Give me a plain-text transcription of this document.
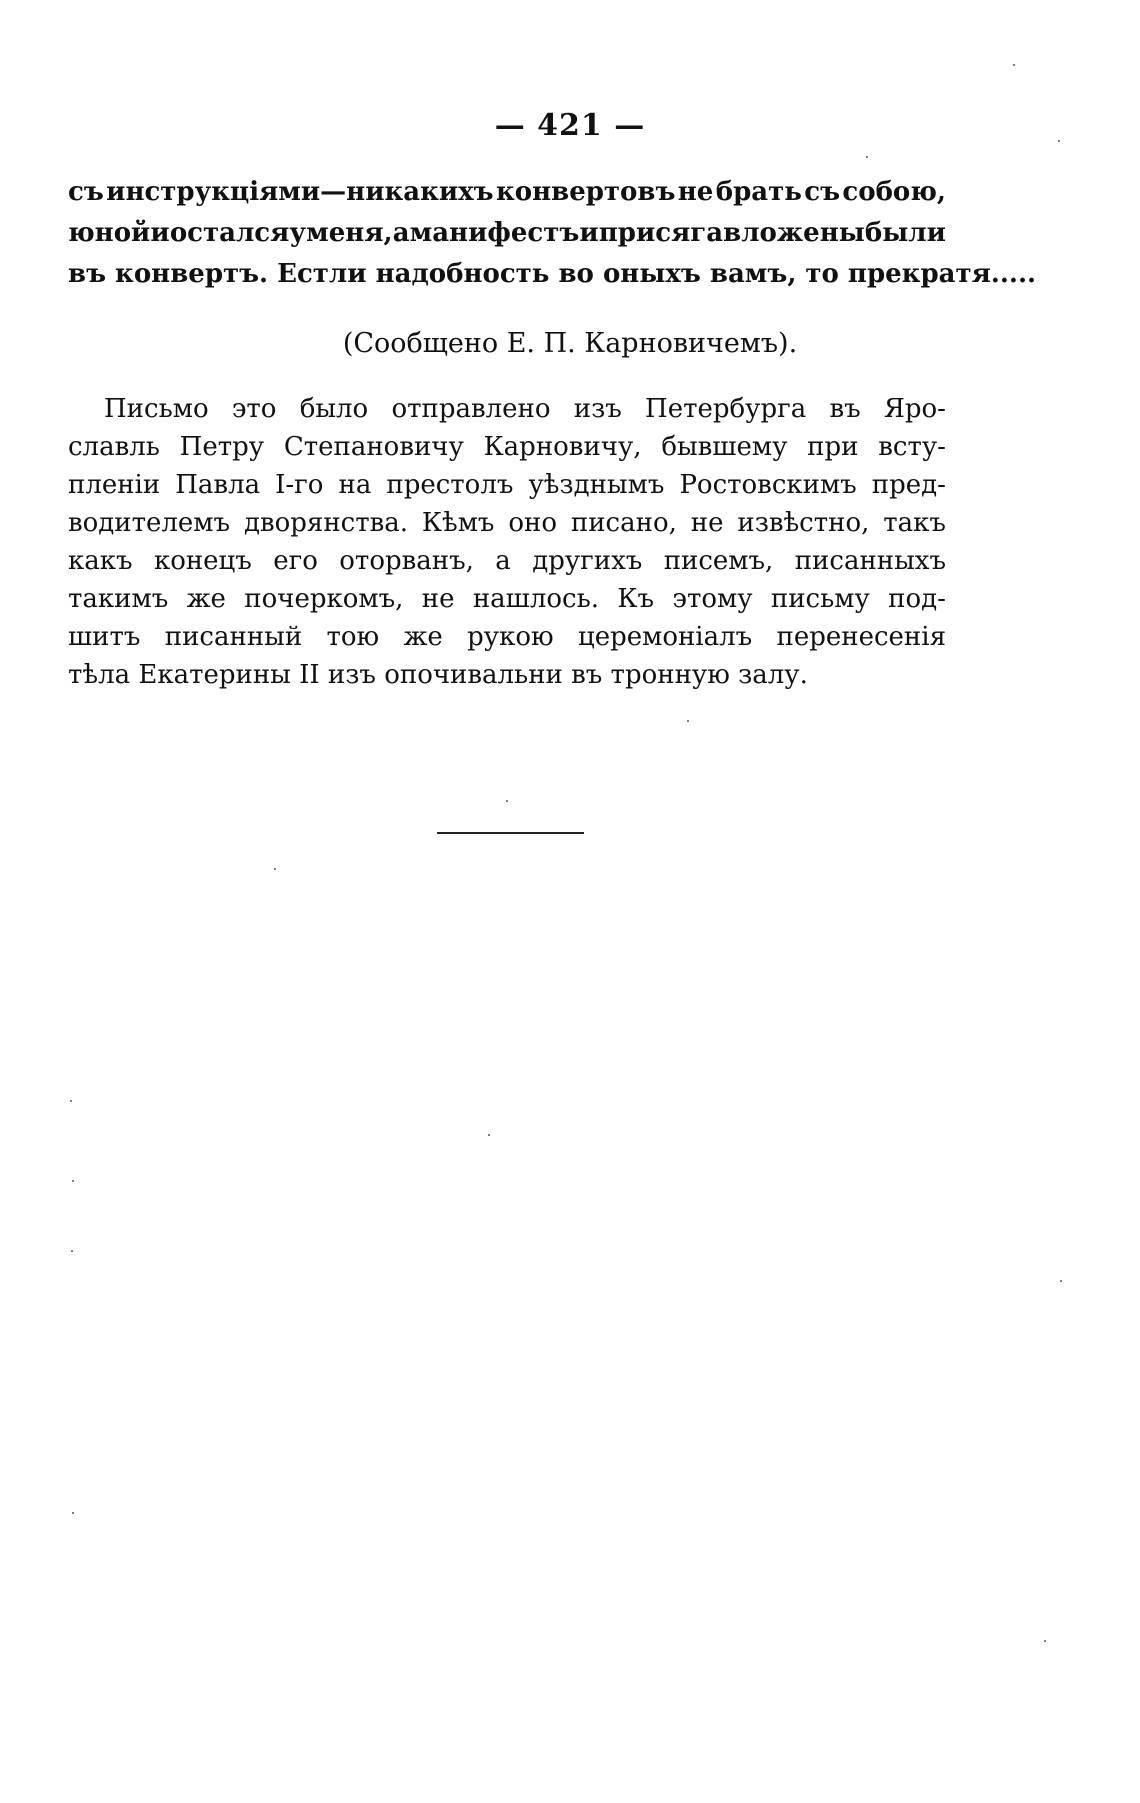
— 421 —
съ инструкціями—никакихъ конвертовъ не брать съ собою,
юной и остался у меня, а манифестъ и присяга вложены были
въ конвертъ. Естли надобность во оныхъ вамъ, то прекратя.....
(Сообщено Е. П. Карновичемъ).
Письмо это было отправлено изъ Петербурга въ Яро-
славль Петру Степановичу Карновичу, бывшему при всту-
пленіи Павла I-го на престолъ уѣзднымъ Ростовскимъ пред-
водителемъ дворянства. Кѣмъ оно писано, не извѣстно, такъ
какъ конецъ его оторванъ, а другихъ писемъ, писанныхъ
такимъ же почеркомъ, не нашлось. Къ этому письму под-
шитъ писанный тою же рукою церемоніалъ перенесенія
тѣла Екатерины II изъ опочивальни въ тронную залу.
